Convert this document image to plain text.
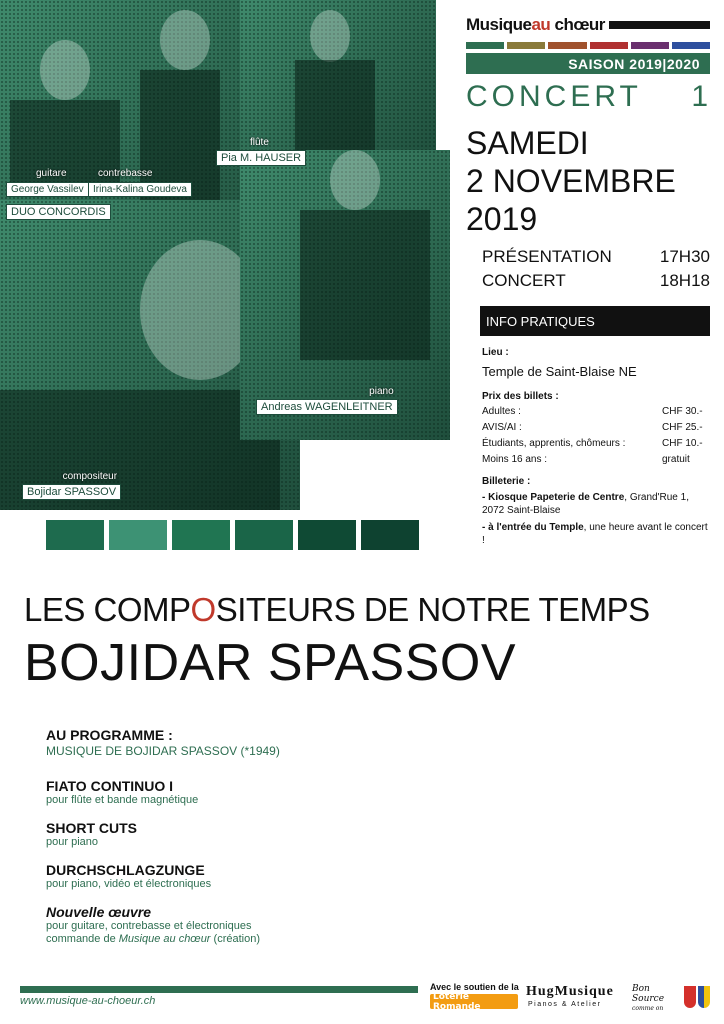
guitare
George Vassilev
contrebasse
Irina-Kalina Goudeva
DUO CONCORDIS
flûte
Pia M. HAUSER
piano
Andreas WAGENLEITNER
compositeur
Bojidar SPASSOV
Musiqueau chœur
SAISON 2019|2020
CONCERT 1
SAMEDI
2 NOVEMBRE
2019
PRÉSENTATION	17H30
CONCERT	18H18
INFO PRATIQUES
Lieu :
Temple de Saint-Blaise NE
Prix des billets :
Adultes :	CHF 30.-
AVIS/AI :	CHF 25.-
Étudiants, apprentis, chômeurs :	CHF 10.-
Moins 16 ans :	gratuit
Billeterie :
- Kiosque Papeterie de Centre, Grand'Rue 1, 2072 Saint-Blaise
- à l'entrée du Temple, une heure avant le concert !
LES COMPOSITEURS DE NOTRE TEMPS
BOJIDAR SPASSOV
AU PROGRAMME :
MUSIQUE DE BOJIDAR SPASSOV (*1949)
FIATO CONTINUO I
pour flûte et bande magnétique
SHORT CUTS
pour piano
DURCHSCHLAGZUNGE
pour piano, vidéo et électroniques
Nouvelle œuvre
pour guitare, contrebasse et électroniques
commande de Musique au chœur (création)
www.musique-au-choeur.ch
Avec le soutien de la
Loterie Romande
HugMusique
Pianos & Atelier
Bon Source
comme on
